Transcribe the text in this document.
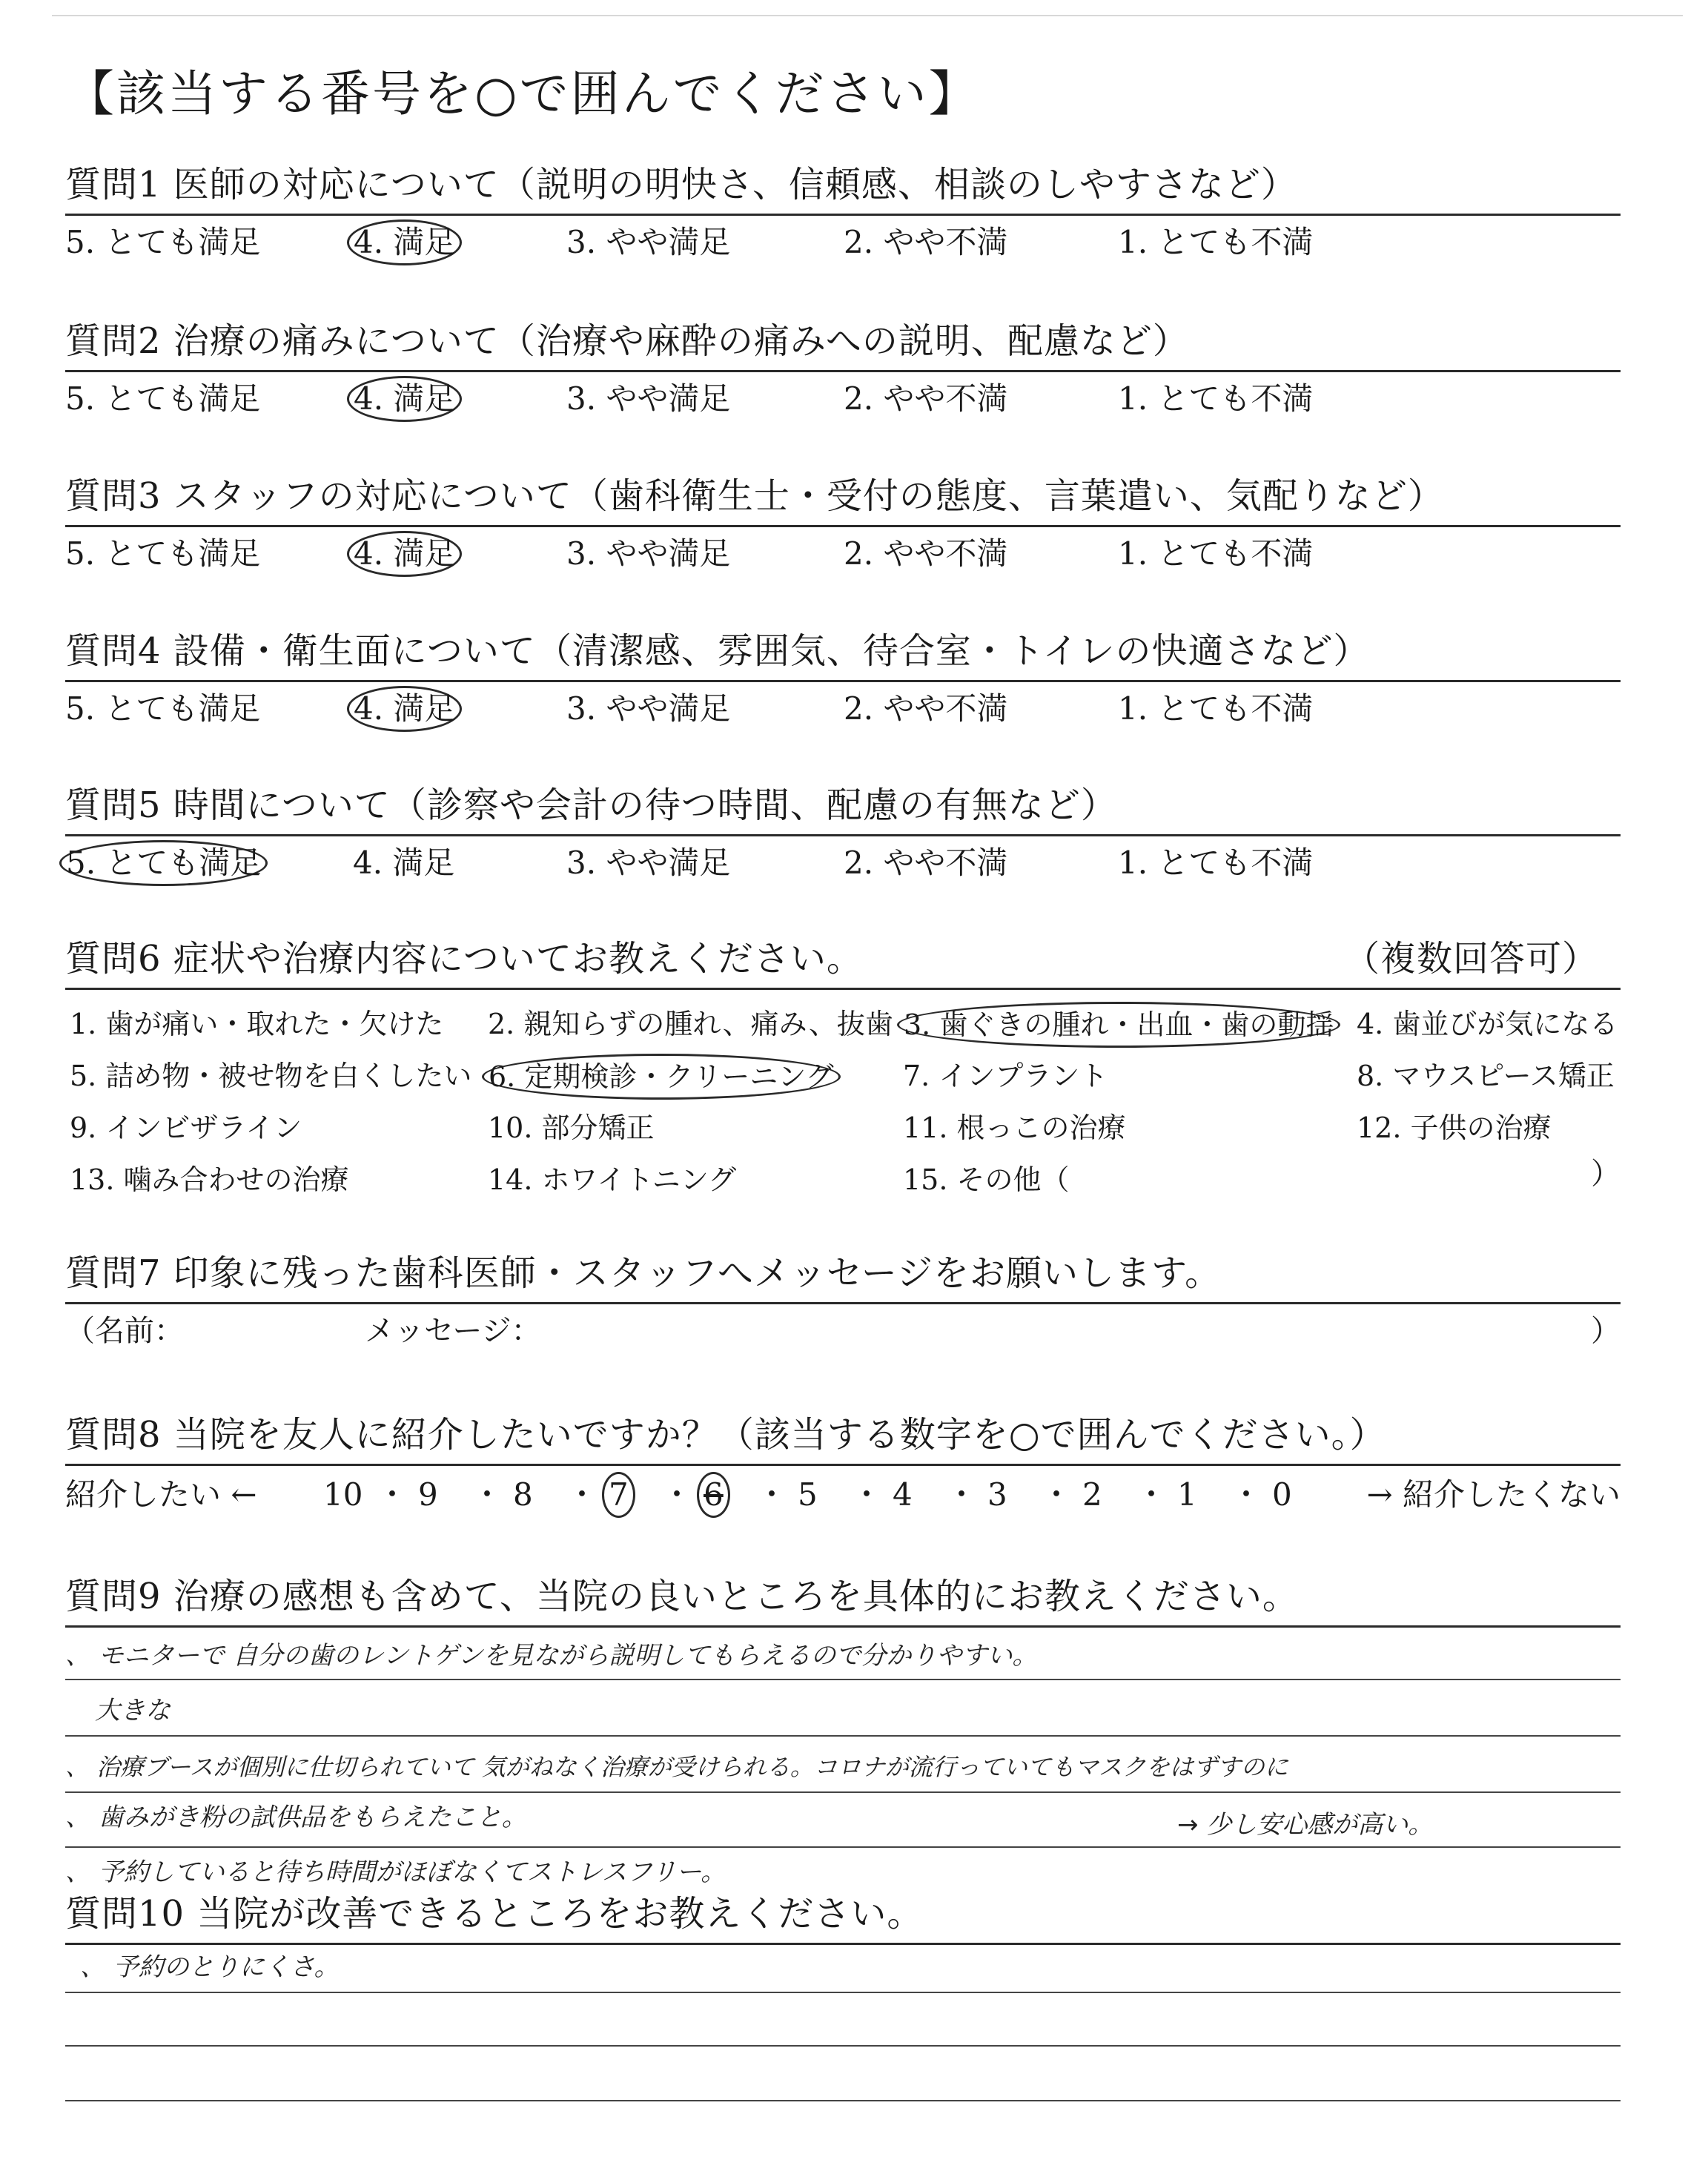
【該当する番号を○で囲んでください】
質問1 医師の対応について（説明の明快さ、信頼感、相談のしやすさなど）
5. とても満足	4. 満足	3. やや満足	2. やや不満	1. とても不満
質問2 治療の痛みについて（治療や麻酔の痛みへの説明、配慮など）
5. とても満足	4. 満足	3. やや満足	2. やや不満	1. とても不満
質問3 スタッフの対応について（歯科衛生士・受付の態度、言葉遣い、気配りなど）
5. とても満足	4. 満足	3. やや満足	2. やや不満	1. とても不満
質問4 設備・衛生面について（清潔感、雰囲気、待合室・トイレの快適さなど）
5. とても満足	4. 満足	3. やや満足	2. やや不満	1. とても不満
質問5 時間について（診察や会計の待つ時間、配慮の有無など）
5. とても満足	4. 満足	3. やや満足	2. やや不満	1. とても不満
質問6 症状や治療内容についてお教えください。	（複数回答可）
）
1. 歯が痛い・取れた・欠けた 2. 親知らずの腫れ、痛み、抜歯 3. 歯ぐきの腫れ・出血・歯の動揺 4. 歯並びが気になる
5. 詰め物・被せ物を白くしたい 6. 定期検診・クリーニング 7. インプラント	8. マウスピース矯正
9. インビザライン	10. 部分矯正	11. 根っこの治療	12. 子供の治療
13. 噛み合わせの治療	14. ホワイトニング	15. その他（
質問7 印象に残った歯科医師・スタッフへメッセージをお願いします。
（名前：	メッセージ：	）
質問8 当院を友人に紹介したいですか？（該当する数字を○で囲んでください。）
紹介したい ←	→ 紹介したくない
10 ・ 9 ・ 8 ・ 7 ・ 6 ・ 5 ・ 4 ・ 3 ・ 2 ・ 1 ・ 0
質問9 治療の感想も含めて、当院の良いところを具体的にお教えください。
、 モニターで 自分の歯のレントゲンを見ながら説明してもらえるので分かりやすい。
大きな
、 治療ブースが個別に仕切られていて 気がねなく治療が受けられる。コロナが流行っていてもマスクをはずすのに
、 歯みがき粉の試供品をもらえたこと。	→ 少し安心感が高い。
、 予約していると待ち時間がほぼなくてストレスフリー。
質問10 当院が改善できるところをお教えください。
、 予約のとりにくさ。
